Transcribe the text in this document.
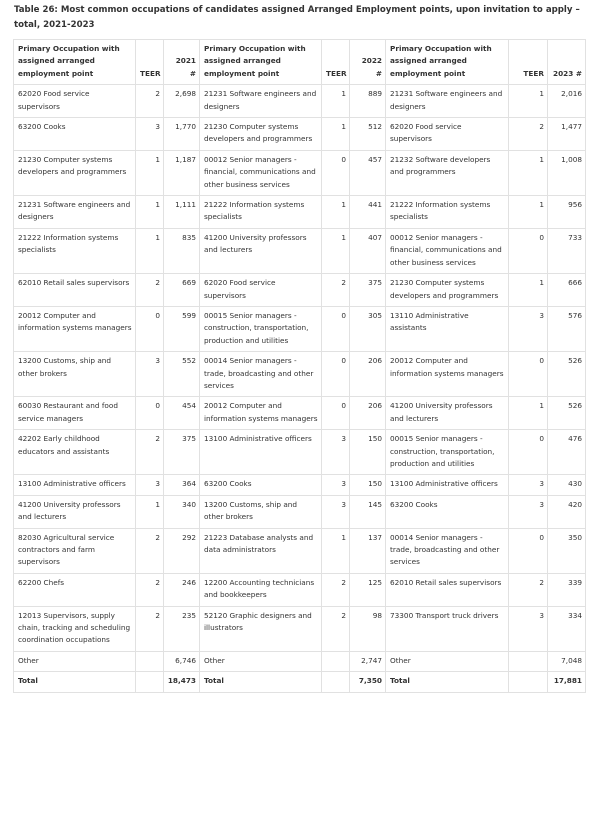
Table 26: Most common occupations of candidates assigned Arranged Employment points, upon invitation to apply – total, 2021-2023
Primary Occupation with assigned arranged employment point	TEER	2021 #	Primary Occupation with assigned arranged employment point	TEER	2022 #	Primary Occupation with assigned arranged employment point	TEER	2023 #
62020 Food service supervisors	2	2,698	21231 Software engineers and designers	1	889	21231 Software engineers and designers	1	2,016
63200 Cooks	3	1,770	21230 Computer systems developers and programmers	1	512	62020 Food service supervisors	2	1,477
21230 Computer systems developers and programmers	1	1,187	00012 Senior managers - financial, communications and other business services	0	457	21232 Software developers and programmers	1	1,008
21231 Software engineers and designers	1	1,111	21222 Information systems specialists	1	441	21222 Information systems specialists	1	956
21222 Information systems specialists	1	835	41200 University professors and lecturers	1	407	00012 Senior managers - financial, communications and other business services	0	733
62010 Retail sales supervisors	2	669	62020 Food service supervisors	2	375	21230 Computer systems developers and programmers	1	666
20012 Computer and information systems managers	0	599	00015 Senior managers - construction, transportation, production and utilities	0	305	13110 Administrative assistants	3	576
13200 Customs, ship and other brokers	3	552	00014 Senior managers - trade, broadcasting and other services	0	206	20012 Computer and information systems managers	0	526
60030 Restaurant and food service managers	0	454	20012 Computer and information systems managers	0	206	41200 University professors and lecturers	1	526
42202 Early childhood educators and assistants	2	375	13100 Administrative officers	3	150	00015 Senior managers - construction, transportation, production and utilities	0	476
13100 Administrative officers	3	364	63200 Cooks	3	150	13100 Administrative officers	3	430
41200 University professors and lecturers	1	340	13200 Customs, ship and other brokers	3	145	63200 Cooks	3	420
82030 Agricultural service contractors and farm supervisors	2	292	21223 Database analysts and data administrators	1	137	00014 Senior managers - trade, broadcasting and other services	0	350
62200 Chefs	2	246	12200 Accounting technicians and bookkeepers	2	125	62010 Retail sales supervisors	2	339
12013 Supervisors, supply chain, tracking and scheduling coordination occupations	2	235	52120 Graphic designers and illustrators	2	98	73300 Transport truck drivers	3	334
Other		6,746	Other		2,747	Other		7,048
Total		18,473	Total		7,350	Total		17,881
